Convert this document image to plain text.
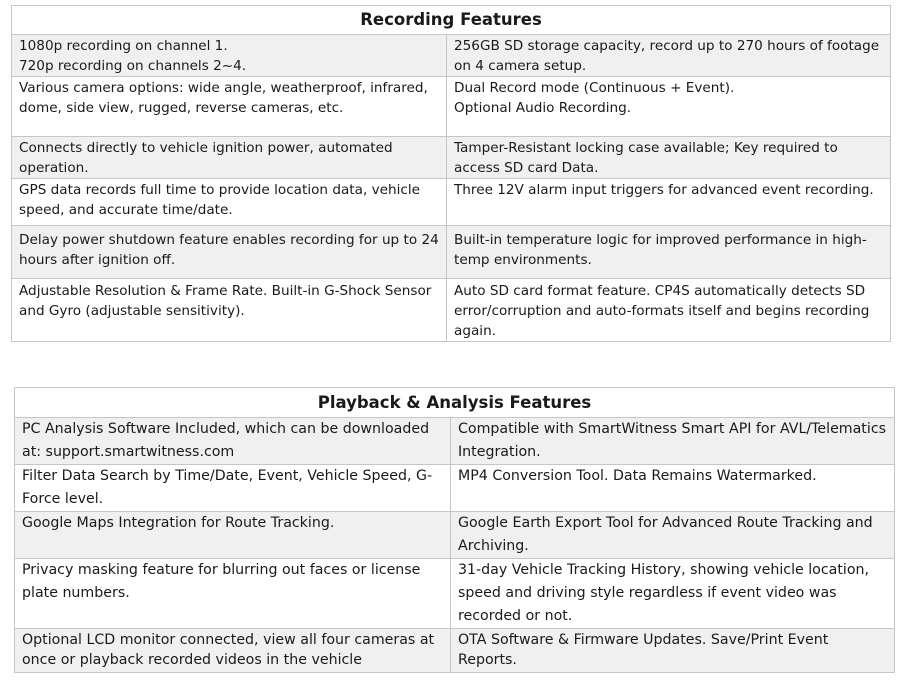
Recording Features	
1080p recording on channel 1.
720p recording on channels 2~4.	256GB SD storage capacity, record up to 270 hours of footage on 4 camera setup.
Various camera options: wide angle, weatherproof, infrared, dome, side view, rugged, reverse cameras, etc.	Dual Record mode (Continuous + Event).
Optional Audio Recording.
Connects directly to vehicle ignition power, automated operation.	Tamper-Resistant locking case available; Key required to access SD card Data.
GPS data records full time to provide location data, vehicle speed, and accurate time/date.	Three 12V alarm input triggers for advanced event recording.
Delay power shutdown feature enables recording for up to 24 hours after ignition off.	Built-in temperature logic for improved performance in high-temp environments.
Adjustable Resolution & Frame Rate. Built-in G-Shock Sensor and Gyro (adjustable sensitivity).	Auto SD card format feature. CP4S automatically detects SD error/corruption and auto-formats itself and begins recording again.
Playback & Analysis Features	
PC Analysis Software Included, which can be downloaded at: support.smartwitness.com	Compatible with SmartWitness Smart API for AVL/Telematics Integration.
Filter Data Search by Time/Date, Event, Vehicle Speed, G-Force level.	MP4 Conversion Tool. Data Remains Watermarked.
Google Maps Integration for Route Tracking.	Google Earth Export Tool for Advanced Route Tracking and Archiving.
Privacy masking feature for blurring out faces or license plate numbers.	31-day Vehicle Tracking History, showing vehicle location, speed and driving style regardless if event video was recorded or not.
Optional LCD monitor connected, view all four cameras at once or playback recorded videos in the vehicle	OTA Software & Firmware Updates. Save/Print Event Reports.
